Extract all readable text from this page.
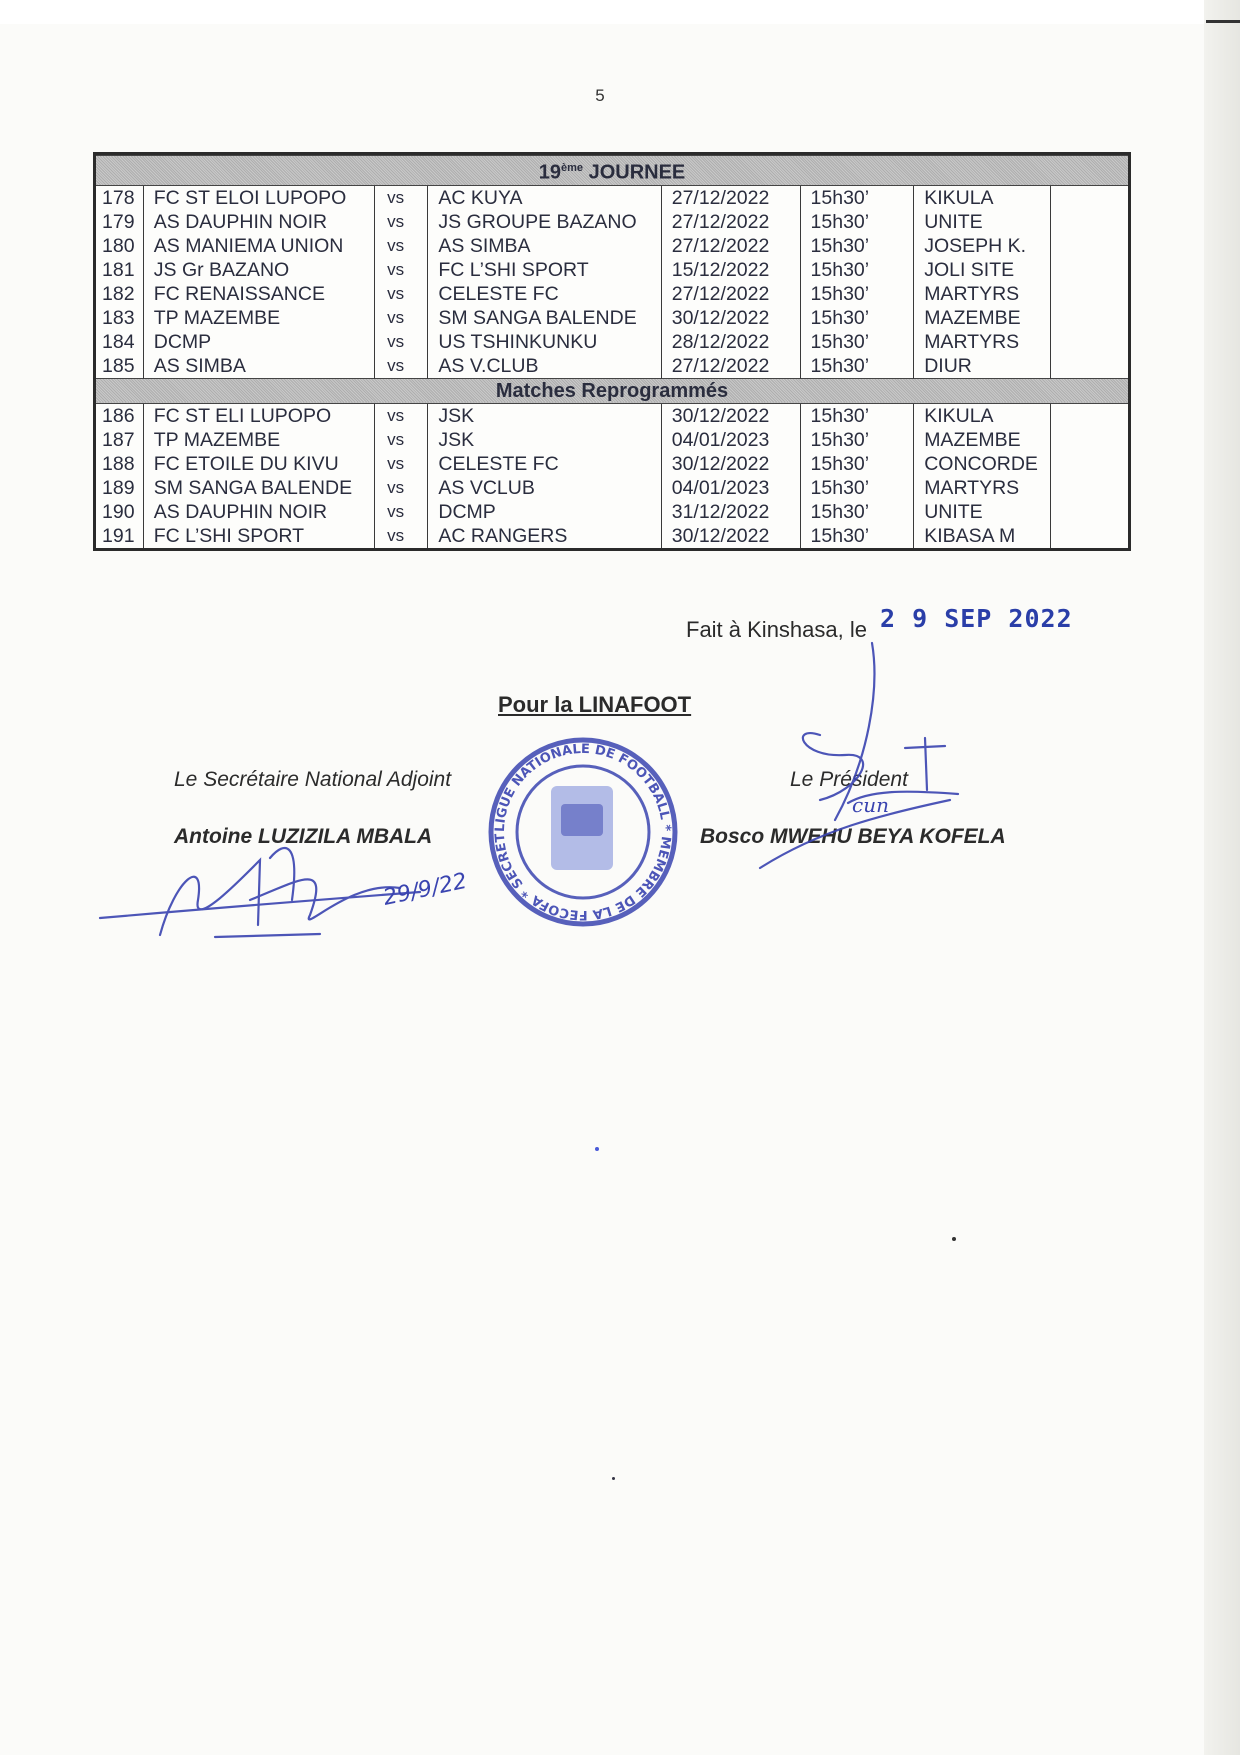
5
19ème JOURNEE							
178	FC ST ELOI LUPOPO	vs	AC KUYA	27/12/2022	15h30’	KIKULA	
179	AS DAUPHIN NOIR	vs	JS GROUPE BAZANO	27/12/2022	15h30’	UNITE	
180	AS MANIEMA UNION	vs	AS SIMBA	27/12/2022	15h30’	JOSEPH K.	
181	JS Gr BAZANO	vs	FC L’SHI SPORT	15/12/2022	15h30’	JOLI SITE	
182	FC RENAISSANCE	vs	CELESTE FC	27/12/2022	15h30’	MARTYRS	
183	TP MAZEMBE	vs	SM SANGA BALENDE	30/12/2022	15h30’	MAZEMBE	
184	DCMP	vs	US TSHINKUNKU	28/12/2022	15h30’	MARTYRS	
185	AS SIMBA	vs	AS V.CLUB	27/12/2022	15h30’	DIUR	
Matches Reprogrammés							
186	FC ST ELI LUPOPO	vs	JSK	30/12/2022	15h30’	KIKULA	
187	TP MAZEMBE	vs	JSK	04/01/2023	15h30’	MAZEMBE	
188	FC ETOILE DU KIVU	vs	CELESTE FC	30/12/2022	15h30’	CONCORDE	
189	SM SANGA BALENDE	vs	AS VCLUB	04/01/2023	15h30’	MARTYRS	
190	AS DAUPHIN NOIR	vs	DCMP	31/12/2022	15h30’	UNITE	
191	FC L’SHI SPORT	vs	AC RANGERS	30/12/2022	15h30’	KIBASA M	
Fait à Kinshasa, le 2 9 SEP 2022
Pour la LINAFOOT
Le Secrétaire National Adjoint
Antoine LUZIZILA MBALA
Le Président
Bosco MWEHU BEYA KOFELA
LIGUE NATIONALE DE FOOTBALL * MEMBRE DE LA FECOFA * SECRET
29/9/22
cun
